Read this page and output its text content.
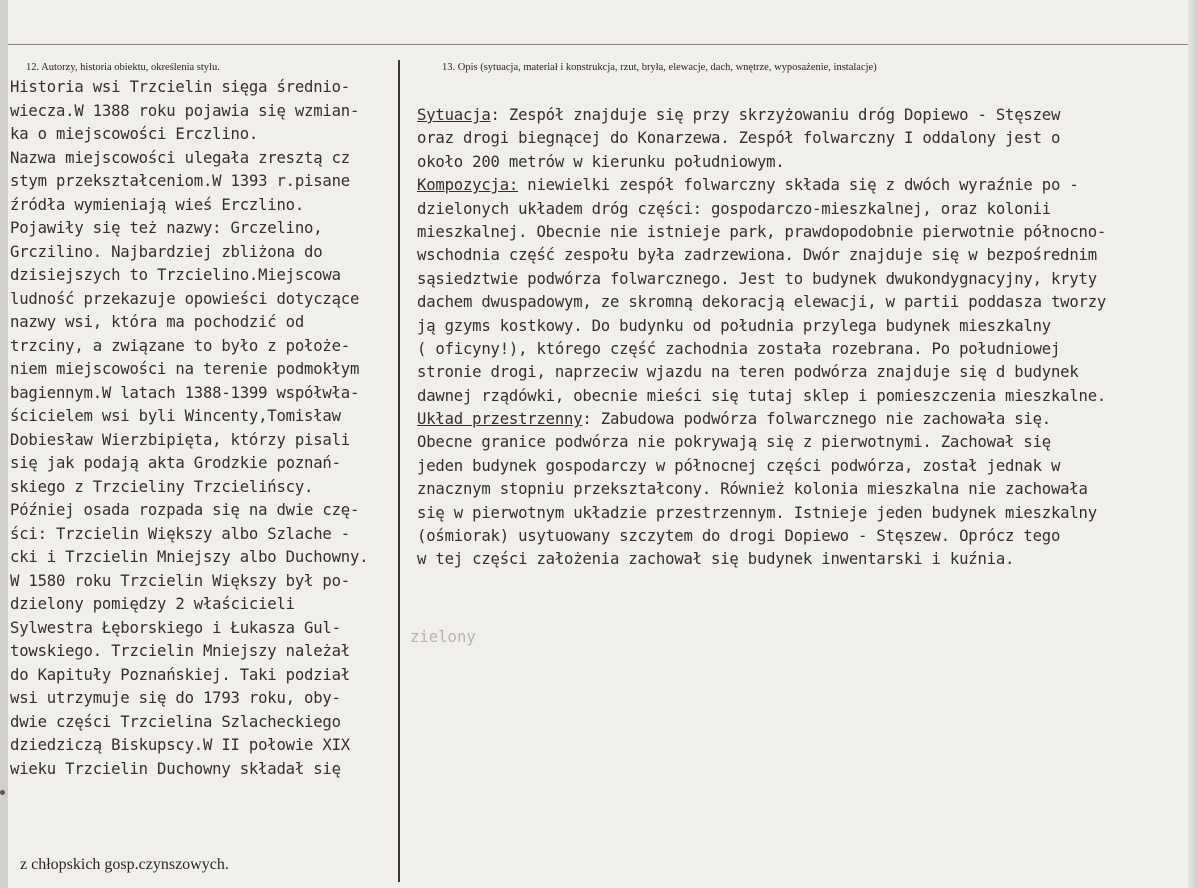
12. Autorzy, historia obiektu, określenia stylu.	13. Opis (sytuacja, materiał i konstrukcja, rzut, bryła, elewacje, dach, wnętrze, wyposażenie, instalacje)
Historia wsi Trzcielin sięga średnio-
wiecza.W 1388 roku pojawia się wzmian-
ka o miejscowości Erczlino.
Nazwa miejscowości ulegała zresztą cz
stym przekształceniom.W 1393 r.pisane
źródła wymieniają wieś Erczlino.
Pojawiły się też nazwy: Grczelino,
Grczilino. Najbardziej zbliżona do
dzisiejszych to Trzcielino.Miejscowa
ludność przekazuje opowieści dotyczące
nazwy wsi, która ma pochodzić od
trzciny, a związane to było z położe-
niem miejscowości na terenie podmokłym
bagiennym.W latach 1388-1399 współwła-
ścicielem wsi byli Wincenty,Tomisław
Dobiesław Wierzbipięta, którzy pisali
się jak podają akta Grodzkie poznań-
skiego z Trzcieliny Trzcielińscy.
Później osada rozpada się na dwie czę-
ści: Trzcielin Większy albo Szlache -
cki i Trzcielin Mniejszy albo Duchowny.
W 1580 roku Trzcielin Większy był po-
dzielony pomiędzy 2 właścicieli
Sylwestra Łęborskiego i Łukasza Gul-
towskiego. Trzcielin Mniejszy należał
do Kapituły Poznańskiej. Taki podział
wsi utrzymuje się do 1793 roku, oby-
dwie części Trzcielina Szlacheckiego
dziedziczą Biskupscy.W II połowie XIX
wieku Trzcielin Duchowny składał się
zielony
z chłopskich gosp.czynszowych.
Sytuacja: Zespół znajduje się przy skrzyżowaniu dróg Dopiewo - Stęszew
oraz drogi biegnącej do Konarzewa. Zespół folwarczny I oddalony jest o
około 200 metrów w kierunku południowym.
Kompozycja: niewielki zespół folwarczny składa się z dwóch wyraźnie po -
dzielonych układem dróg części: gospodarczo-mieszkalnej, oraz kolonii
mieszkalnej. Obecnie nie istnieje park, prawdopodobnie pierwotnie północno-
wschodnia część zespołu była zadrzewiona. Dwór znajduje się w bezpośrednim
sąsiedztwie podwórza folwarcznego. Jest to budynek dwukondygnacyjny, kryty
dachem dwuspadowym, ze skromną dekoracją elewacji, w partii poddasza tworzy
ją gzyms kostkowy. Do budynku od południa przylega budynek mieszkalny
( oficyny!), którego część zachodnia została rozebrana. Po południowej
stronie drogi, naprzeciw wjazdu na teren podwórza znajduje się d budynek
dawnej rządówki, obecnie mieści się tutaj sklep i pomieszczenia mieszkalne.
Układ przestrzenny: Zabudowa podwórza folwarcznego nie zachowała się.
Obecne granice podwórza nie pokrywają się z pierwotnymi. Zachował się
jeden budynek gospodarczy w północnej części podwórza, został jednak w
znacznym stopniu przekształcony. Również kolonia mieszkalna nie zachowała
się w pierwotnym układzie przestrzennym. Istnieje jeden budynek mieszkalny
(ośmiorak) usytuowany szczytem do drogi Dopiewo - Stęszew. Oprócz tego
w tej części założenia zachował się budynek inwentarski i kuźnia.
